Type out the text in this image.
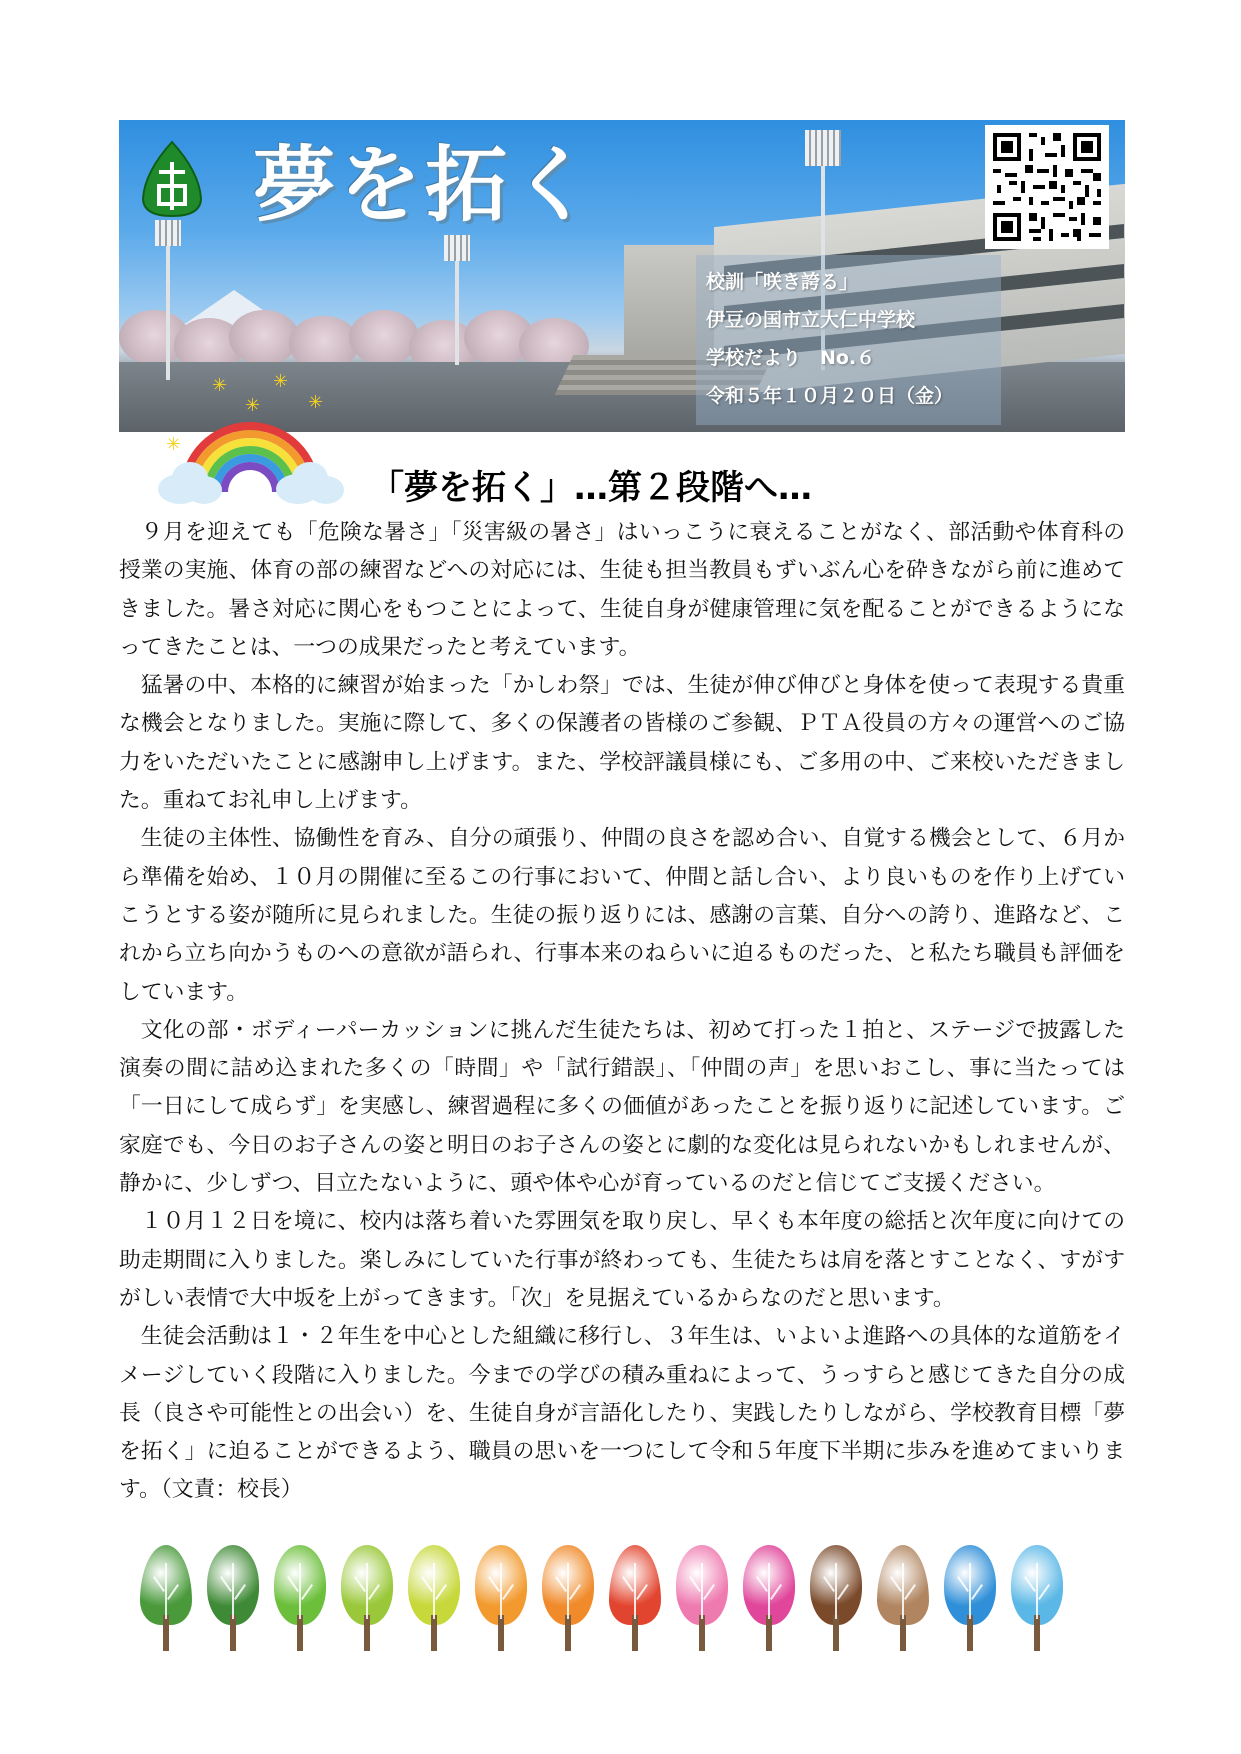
夢を拓く
校訓「咲き誇る」
伊豆の国市立大仁中学校
学校だより　No.６
令和５年１０月２０日（金）
✳	✳
✳
✳
✳
「夢を拓く」…第２段階へ…

９月を迎えても「危険な暑さ」「災害級の暑さ」はいっこうに衰えることがなく、部活動や体育科の授業の実施、体育の部の練習などへの対応には、生徒も担当教員もずいぶん心を砕きながら前に進めてきました。暑さ対応に関心をもつことによって、生徒自身が健康管理に気を配ることができるようになってきたことは、一つの成果だったと考えています。

猛暑の中、本格的に練習が始まった「かしわ祭」では、生徒が伸び伸びと身体を使って表現する貴重な機会となりました。実施に際して、多くの保護者の皆様のご参観、ＰＴＡ役員の方々の運営へのご協力をいただいたことに感謝申し上げます。また、学校評議員様にも、ご多用の中、ご来校いただきました。重ねてお礼申し上げます。

生徒の主体性、協働性を育み、自分の頑張り、仲間の良さを認め合い、自覚する機会として、６月から準備を始め、１０月の開催に至るこの行事において、仲間と話し合い、より良いものを作り上げていこうとする姿が随所に見られました。生徒の振り返りには、感謝の言葉、自分への誇り、進路など、これから立ち向かうものへの意欲が語られ、行事本来のねらいに迫るものだった、と私たち職員も評価をしています。

文化の部・ボディーパーカッションに挑んだ生徒たちは、初めて打った１拍と、ステージで披露した演奏の間に詰め込まれた多くの「時間」や「試行錯誤」、「仲間の声」を思いおこし、事に当たっては「一日にして成らず」を実感し、練習過程に多くの価値があったことを振り返りに記述しています。ご家庭でも、今日のお子さんの姿と明日のお子さんの姿とに劇的な変化は見られないかもしれませんが、静かに、少しずつ、目立たないように、頭や体や心が育っているのだと信じてご支援ください。

１０月１２日を境に、校内は落ち着いた雰囲気を取り戻し、早くも本年度の総括と次年度に向けての助走期間に入りました。楽しみにしていた行事が終わっても、生徒たちは肩を落とすことなく、すがすがしい表情で大中坂を上がってきます。「次」を見据えているからなのだと思います。

生徒会活動は１・２年生を中心とした組織に移行し、３年生は、いよいよ進路への具体的な道筋をイメージしていく段階に入りました。今までの学びの積み重ねによって、うっすらと感じてきた自分の成長（良さや可能性との出会い）を、生徒自身が言語化したり、実践したりしながら、学校教育目標「夢を拓く」に迫ることができるよう、職員の思いを一つにして令和５年度下半期に歩みを進めてまいります。（文責：校長）
